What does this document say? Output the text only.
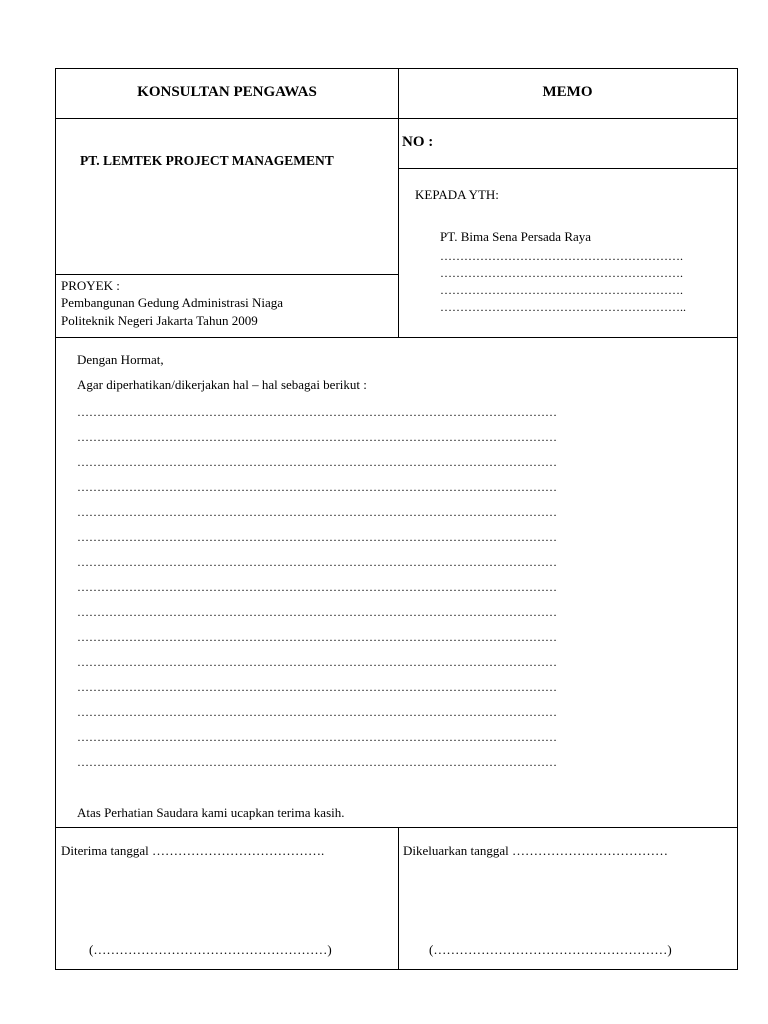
KONSULTAN PENGAWAS	MEMO
PT. LEMTEK PROJECT MANAGEMENT
NO :
PROYEK :
Pembangunan Gedung Administrasi Niaga
Politeknik Negeri Jakarta Tahun 2009
KEPADA YTH:
PT. Bima Sena Persada Raya
…………………………………………………….
…………………………………………………….
…………………………………………………….
……………………………………………………..
Dengan Hormat,
Agar diperhatikan/dikerjakan hal – hal sebagai berikut :
…………………………………………………………………………………………………………
…………………………………………………………………………………………………………
…………………………………………………………………………………………………………
…………………………………………………………………………………………………………
…………………………………………………………………………………………………………
…………………………………………………………………………………………………………
…………………………………………………………………………………………………………
…………………………………………………………………………………………………………
…………………………………………………………………………………………………………
…………………………………………………………………………………………………………
…………………………………………………………………………………………………………
…………………………………………………………………………………………………………
…………………………………………………………………………………………………………
…………………………………………………………………………………………………………
…………………………………………………………………………………………………………
Atas Perhatian Saudara kami ucapkan terima kasih.
Diterima tanggal ………………………………….
(………………………………………………)
Dikeluarkan tanggal ………………………………
(………………………………………………)
